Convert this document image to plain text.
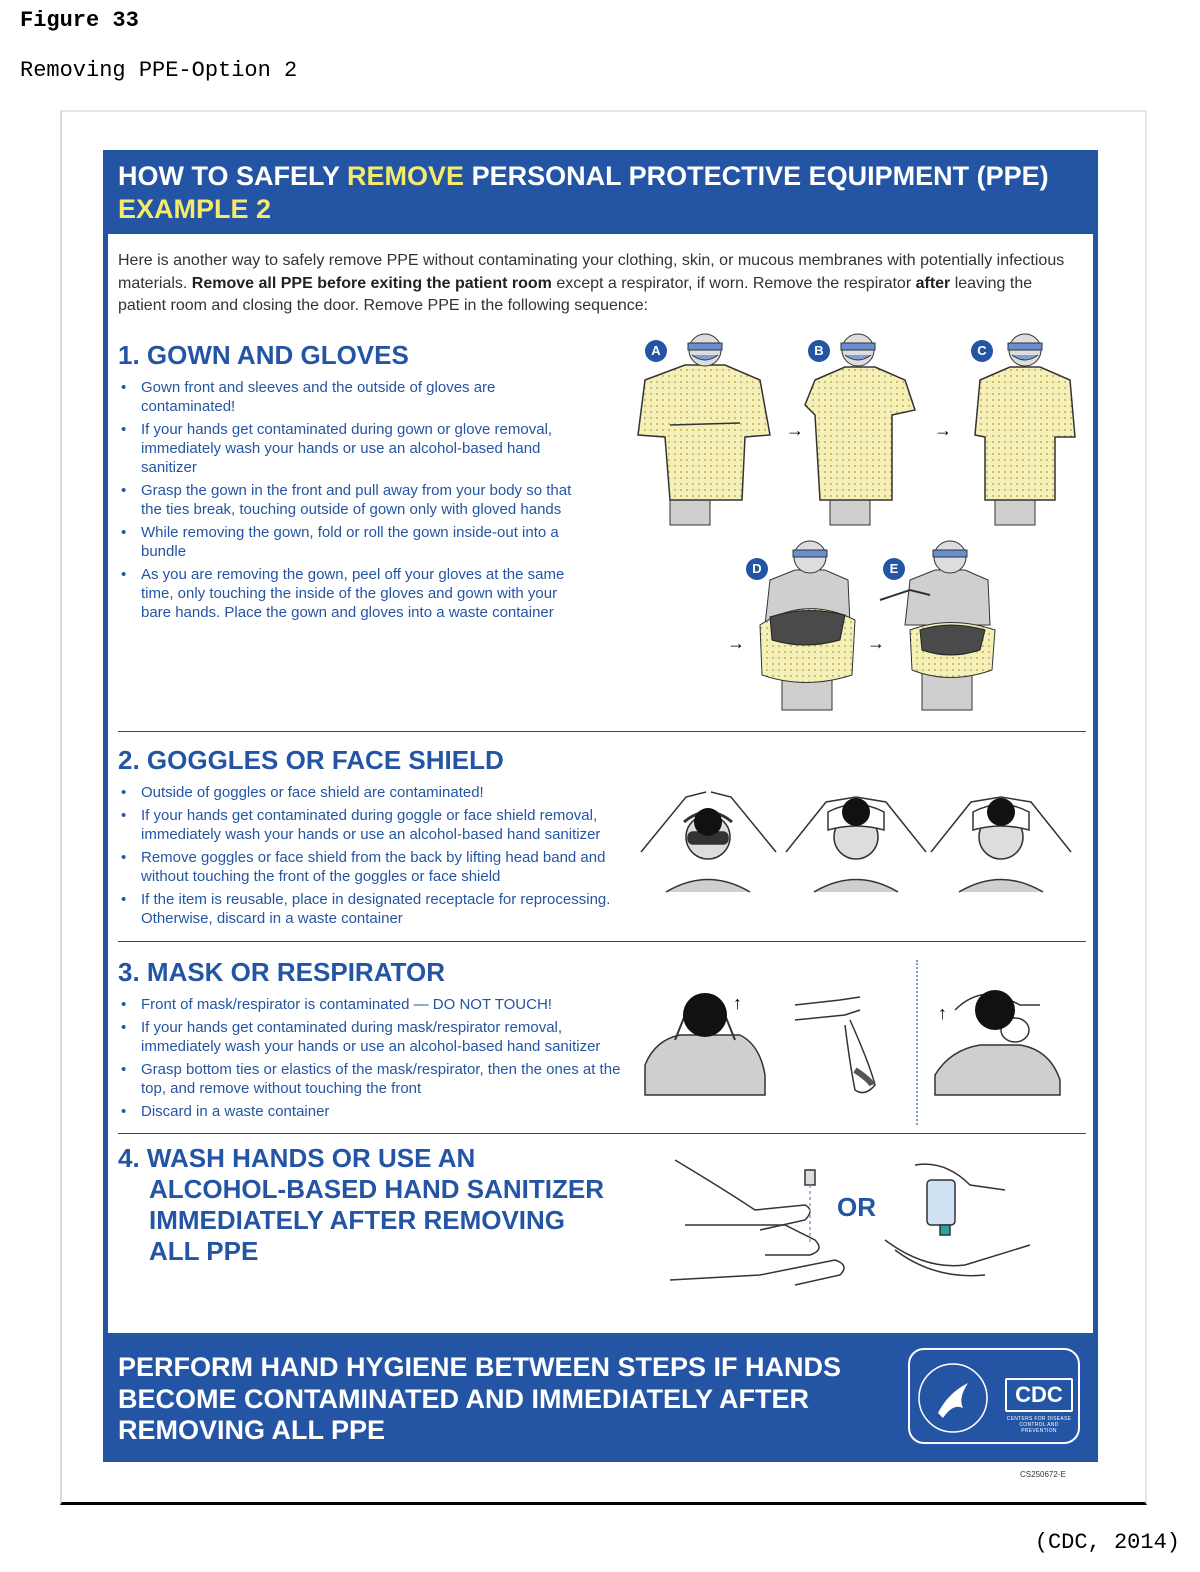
Figure 33
Removing PPE-Option 2
HOW TO SAFELY REMOVE PERSONAL PROTECTIVE EQUIPMENT (PPE)
EXAMPLE 2
Here is another way to safely remove PPE without contaminating your clothing, skin, or mucous membranes with potentially infectious materials. Remove all PPE before exiting the patient room except a respirator, if worn. Remove the respirator after leaving the patient room and closing the door. Remove PPE in the following sequence:
1. GOWN AND GLOVES
• Gown front and sleeves and the outside of gloves are contaminated!
• If your hands get contaminated during gown or glove removal, immediately wash your hands or use an alcohol-based hand sanitizer
• Grasp the gown in the front and pull away from your body so that the ties break, touching outside of gown only with gloved hands
• While removing the gown, fold or roll the gown inside-out into a bundle
• As you are removing the gown, peel off your gloves at the same time, only touching the inside of the gloves and gown with your bare hands. Place the gown and gloves into a waste container
A	B	C
→	→
D	E
→	→
2. GOGGLES OR FACE SHIELD
• Outside of goggles or face shield are contaminated!
• If your hands get contaminated during goggle or face shield removal, immediately wash your hands or use an alcohol-based hand sanitizer
• Remove goggles or face shield from the back by lifting head band and without touching the front of the goggles or face shield
• If the item is reusable, place in designated receptacle for reprocessing. Otherwise, discard in a waste container
3. MASK OR RESPIRATOR
• Front of mask/respirator is contaminated — DO NOT TOUCH!
• If your hands get contaminated during mask/respirator removal, immediately wash your hands or use an alcohol-based hand sanitizer
• Grasp bottom ties or elastics of the mask/respirator, then the ones at the top, and remove without touching the front
• Discard in a waste container
↑	↑
4. WASH HANDS OR USE AN
ALCOHOL-BASED HAND SANITIZER
IMMEDIATELY AFTER REMOVING
ALL PPE
OR
PERFORM HAND HYGIENE BETWEEN STEPS IF HANDS
BECOME CONTAMINATED AND IMMEDIATELY AFTER
REMOVING ALL PPE
CDC
CENTERS FOR DISEASE CONTROL AND PREVENTION
CS250672-E
(CDC, 2014)
